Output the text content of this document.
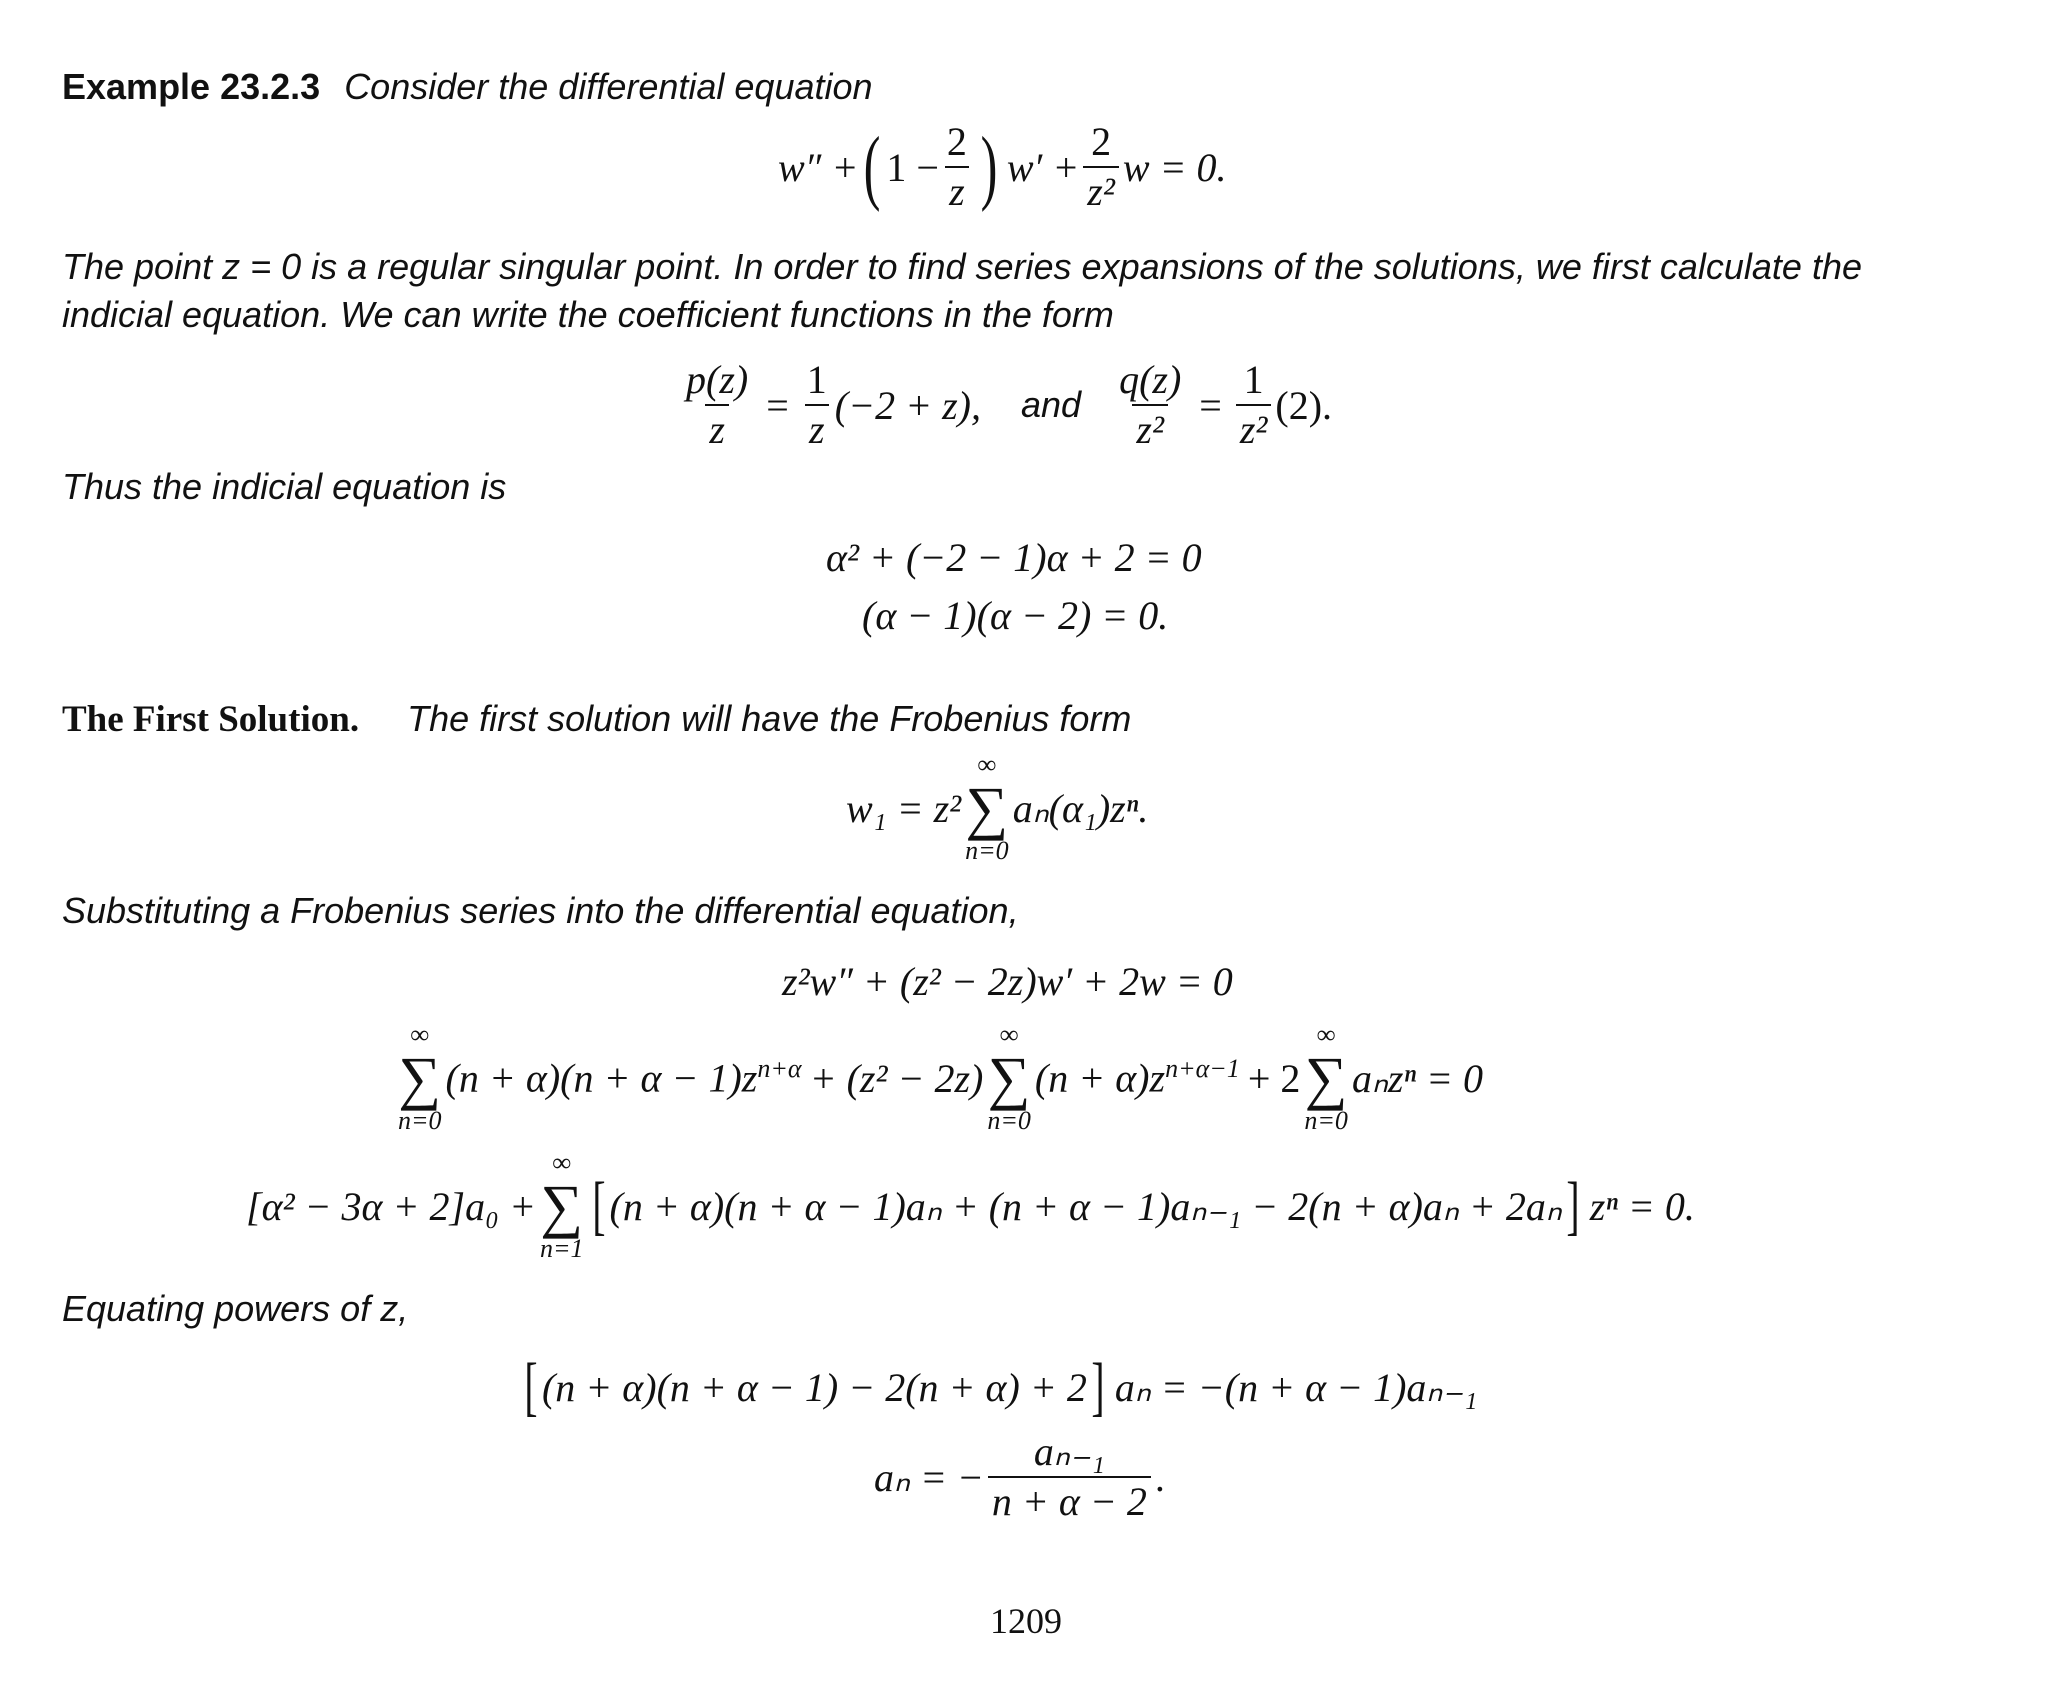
Example 23.2.3 Consider the differential equation
w″ + ( $1 - \frac{2}{z}$ ) $w' + \frac{2}{\text{z²}}$ w = 0.
The point z = 0 is a regular singular point. In order to find series expansions of the solutions, we first calculate the
indicial equation. We can write the coefficient functions in the form
$\frac{p(z)}{z} = \frac{1}{z} (-2 + z)$, and $\frac{q(z)}{\text{z²}} = \frac{1}{\text{z²}} (2)$.
Thus the indicial equation is
α² + (−2 − 1)α + 2 = 0
(α − 1)(α − 2) = 0.
The First Solution. The first solution will have the Frobenius form
w₁ = z²
∞
∑
n=0
aₙ(α₁)zⁿ.
Substituting a Frobenius series into the differential equation,
z²w″ + (z² − 2z)w′ + 2w = 0
∞
∑
n=0
$(n + \alpha)(n + \alpha - 1)z^{n+\alpha} + (z^2 - 2z)$
∞
∑
n=0
$(n + \alpha)z^{n+\alpha-1} + 2$
∞
∑
n=0
aₙzⁿ = 0
[α² − 3α + 2]a₀ +
∞
∑
n=1
[ (n + α)(n + α − 1)aₙ + (n + α − 1)aₙ₋₁ − 2(n + α)aₙ + 2aₙ ] zⁿ = 0.
Equating powers of z,
[ (n + α)(n + α − 1) − 2(n + α) + 2 ] aₙ = −(n + α − 1)aₙ₋₁
aₙ = − $\frac{\text{aₙ₋₁}}{n + \alpha - 2}$ .
1209
